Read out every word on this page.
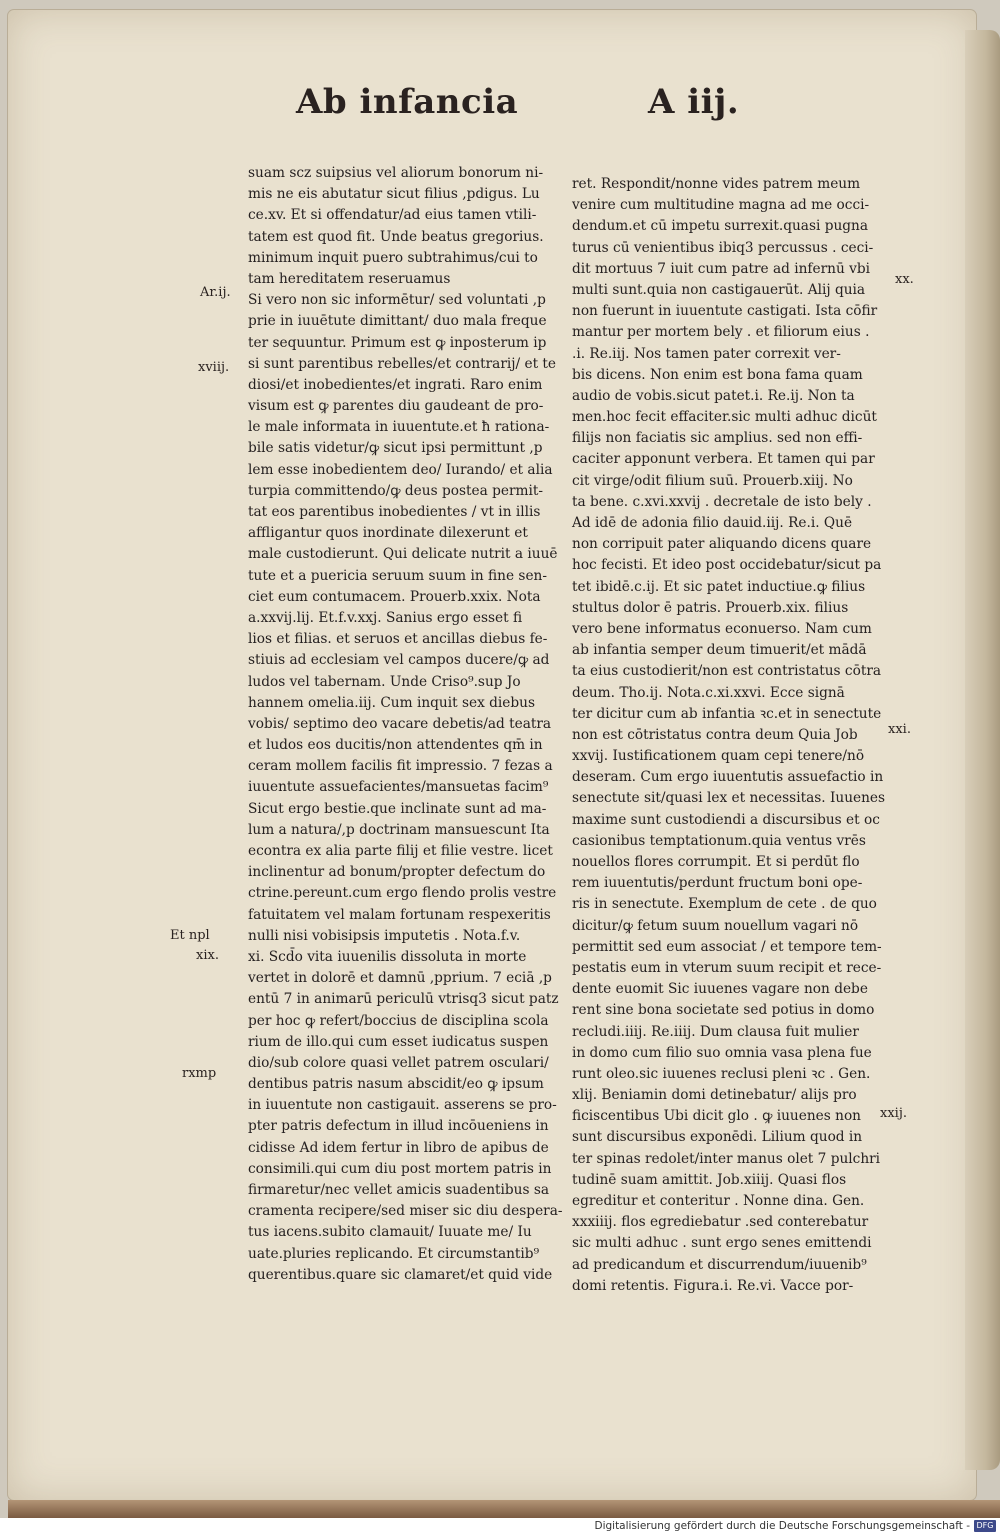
Ab infancia	A iij.
suam scz suipsius vel aliorum bonorum ni-
mis ne eis abutatur sicut filius ,pdigus. Lu
ce.xv. Et si offendatur/ad eius tamen vtili-
tatem est quod fit. Unde beatus gregorius.
minimum inquit puero subtrahimus/cui to
tam hereditatem reseruamus
Si vero non sic informētur/ sed voluntati ,p
prie in iuuētute dimittant/ duo mala freque
ter sequuntur. Primum est ꝙ inposterum ip
si sunt parentibus rebelles/et contrarij/ et te
diosi/et inobedientes/et ingrati. Raro enim
visum est ꝙ parentes diu gaudeant de pro-
le male informata in iuuentute.et ħ rationa-
bile satis videtur/ꝙ sicut ipsi permittunt ,p
lem esse inobedientem deo/ Iurando/ et alia
turpia committendo/ꝙ deus postea permit-
tat eos parentibus inobedientes / vt in illis
affligantur quos inordinate dilexerunt et
male custodierunt. Qui delicate nutrit a iuuē
tute et a puericia seruum suum in fine sen-
ciet eum contumacem. Prouerb.xxix. Nota
a.xxvij.lij. Et.f.v.xxj. Sanius ergo esset fi
lios et filias. et seruos et ancillas diebus fe-
stiuis ad ecclesiam vel campos ducere/ꝙ ad
ludos vel tabernam. Unde Criso⁹.sup Jo
hannem omelia.iij. Cum inquit sex diebus
vobis/ septimo deo vacare debetis/ad teatra
et ludos eos ducitis/non attendentes qm̄ in
ceram mollem facilis fit impressio. 7 fezas a
iuuentute assuefacientes/mansuetas facim⁹
Sicut ergo bestie.que inclinate sunt ad ma-
lum a natura/,p doctrinam mansuescunt Ita
econtra ex alia parte filij et filie vestre. licet
inclinentur ad bonum/propter defectum do
ctrine.pereunt.cum ergo flendo prolis vestre
fatuitatem vel malam fortunam respexeritis
nulli nisi vobisipsis imputetis . Nota.f.v.
xi. Scd̄o vita iuuenilis dissoluta in morte
vertet in dolorē et damnū ,pprium. 7 eciā ,p
entū 7 in animarū periculū vtrisq3 sicut patz
per hoc ꝙ refert/boccius de disciplina scola
rium de illo.qui cum esset iudicatus suspen
dio/sub colore quasi vellet patrem osculari/
dentibus patris nasum abscidit/eo ꝙ ipsum
in iuuentute non castigauit. asserens se pro-
pter patris defectum in illud incōueniens in
cidisse Ad idem fertur in libro de apibus de
consimili.qui cum diu post mortem patris in
firmaretur/nec vellet amicis suadentibus sa
cramenta recipere/sed miser sic diu despera-
tus iacens.subito clamauit/ Iuuate me/ Iu
uate.pluries replicando. Et circumstantib⁹
querentibus.quare sic clamaret/et quid vide
ret. Respondit/nonne vides patrem meum
venire cum multitudine magna ad me occi-
dendum.et cū impetu surrexit.quasi pugna
turus cū venientibus ibiq3 percussus . ceci-
dit mortuus 7 iuit cum patre ad infernū vbi
multi sunt.quia non castigauerūt. Alij quia
non fuerunt in iuuentute castigati. Ista cōfir
mantur per mortem bely . et filiorum eius .
.i. Re.iij. Nos tamen pater correxit ver-
bis dicens. Non enim est bona fama quam
audio de vobis.sicut patet.i. Re.ij. Non ta
men.hoc fecit effaciter.sic multi adhuc dicūt
filijs non faciatis sic amplius. sed non effi-
caciter apponunt verbera. Et tamen qui par
cit virge/odit filium suū. Prouerb.xiij. No
ta bene. c.xvi.xxvij . decretale de isto bely .
Ad idē de adonia filio dauid.iij. Re.i. Quē
non corripuit pater aliquando dicens quare
hoc fecisti. Et ideo post occidebatur/sicut pa
tet ibidē.c.ij. Et sic patet inductiue.ꝙ filius
stultus dolor ē patris. Prouerb.xix. filius
vero bene informatus econuerso. Nam cum
ab infantia semper deum timuerit/et mādā
ta eius custodierit/non est contristatus cōtra
deum. Tho.ij. Nota.c.xi.xxvi. Ecce signā
ter dicitur cum ab infantia ꝛc.et in senectute
non est cōtristatus contra deum Quia Job
xxvij. Iustificationem quam cepi tenere/nō
deseram. Cum ergo iuuentutis assuefactio in
senectute sit/quasi lex et necessitas. Iuuenes
maxime sunt custodiendi a discursibus et oc
casionibus temptationum.quia ventus vrēs
nouellos flores corrumpit. Et si perdūt flo
rem iuuentutis/perdunt fructum boni ope-
ris in senectute. Exemplum de cete . de quo
dicitur/ꝙ fetum suum nouellum vagari nō
permittit sed eum associat / et tempore tem-
pestatis eum in vterum suum recipit et rece-
dente euomit Sic iuuenes vagare non debe
rent sine bona societate sed potius in domo
recludi.iiij. Re.iiij. Dum clausa fuit mulier
in domo cum filio suo omnia vasa plena fue
runt oleo.sic iuuenes reclusi pleni ꝛc . Gen.
xlij. Beniamin domi detinebatur/ alijs pro
ficiscentibus Ubi dicit glo . ꝙ iuuenes non
sunt discursibus exponēdi. Lilium quod in
ter spinas redolet/inter manus olet 7 pulchri
tudinē suam amittit. Job.xiiij. Quasi flos
egreditur et conteritur . Nonne dina. Gen.
xxxiiij. flos egrediebatur .sed conterebatur
sic multi adhuc . sunt ergo senes emittendi
ad predicandum et discurrendum/iuuenib⁹
domi retentis. Figura.i. Re.vi. Vacce por-
Ar.ij.
xviij.
Et npl
xix.
rxmp
xx.
xxi.
xxij.
Digitalisierung gefördert durch die Deutsche Forschungsgemeinschaft - DFG
